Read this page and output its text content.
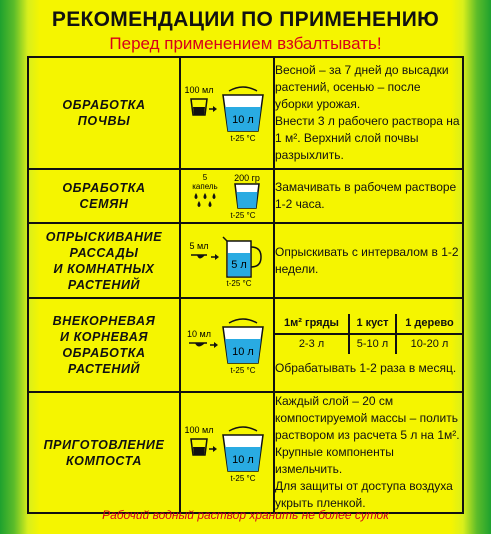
РЕКОМЕНДАЦИИ ПО ПРИМЕНЕНИЮ
Перед применением взбалтывать!
ОБРАБОТКА
ПОЧВЫ

100 мл
10 л
t-25 °C

Весной – за 7 дней до высадки растений, осенью – после уборки урожая.
Внести 3 л рабочего раствора на 1 м². Верхний слой почвы разрыхлить.

ОБРАБОТКА
СЕМЯН

5
капель
200 гр
t-25 °C

Замачивать в рабочем растворе 1-2 часа.

ОПРЫСКИВАНИЕ
РАССАДЫ
И КОМНАТНЫХ
РАСТЕНИЙ

5 мл
5 л
t-25 °C

Опрыскивать с интервалом в 1-2 недели.

ВНЕКОРНЕВАЯ
И КОРНЕВАЯ
ОБРАБОТКА
РАСТЕНИЙ

10 мл
10 л
t-25 °C

1м² гряды	1 куст	1 дерево
2-3 л	5-10 л	10-20 л
Обрабатывать 1-2 раза в месяц.

ПРИГОТОВЛЕНИЕ
КОМПОСТА

100 мл
10 л
t-25 °C

Каждый слой – 20 см компостируемой массы – полить раствором из расчета 5 л на 1м². Крупные компоненты измельчить.
Для защиты от доступа воздуха укрыть пленкой.
Рабочий водный раствор хранить не более суток
